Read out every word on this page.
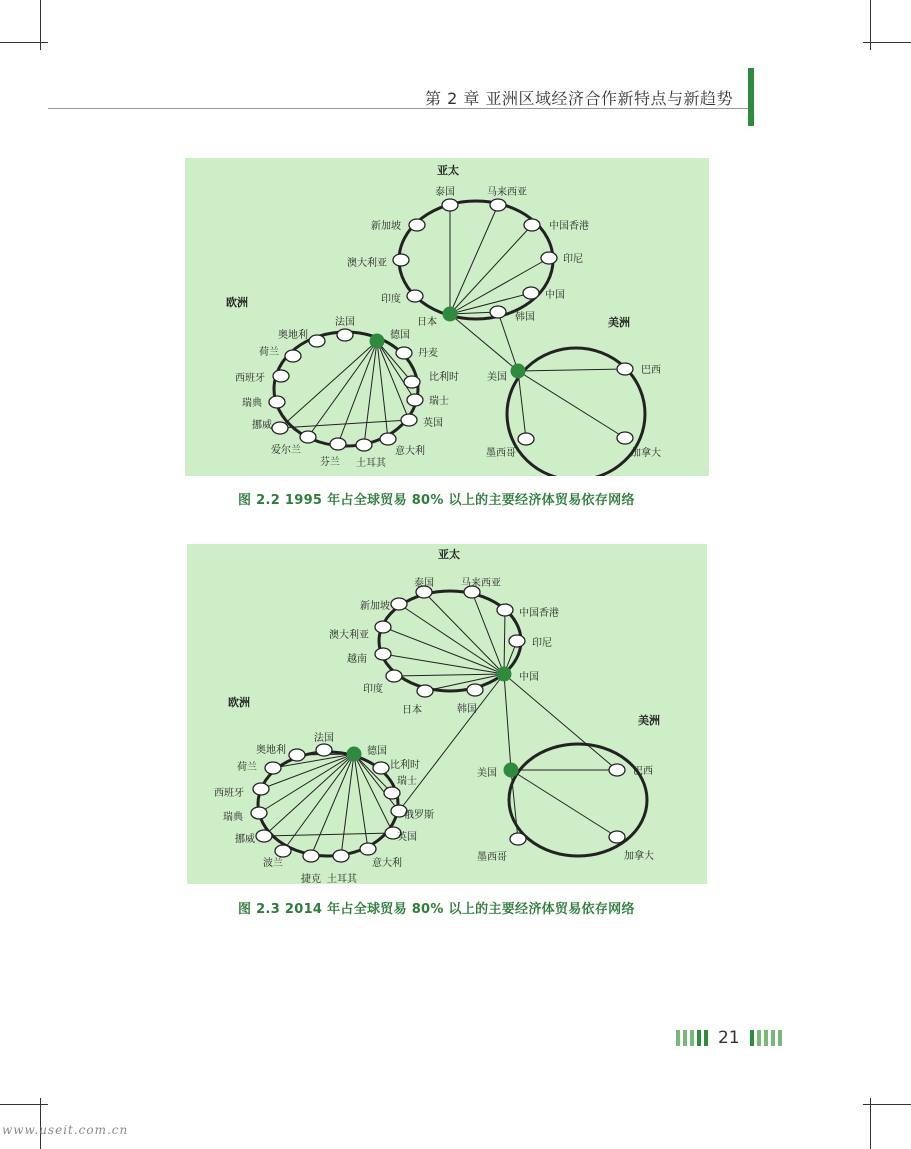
第 2 章 亚洲区域经济合作新特点与新趋势
亚太
欧洲
美洲
泰国	马来西亚
中国香港
印尼
中国
韩国
日本
印度
澳大利亚
新加坡
德国
丹麦
比利时
瑞士
英国
意大利
土耳其
芬兰
爱尔兰
挪威
瑞典
西班牙
荷兰
奥地利
法国
美国
巴西
加拿大
墨西哥
图 2.2 1995 年占全球贸易 80% 以上的主要经济体贸易依存网络
亚太
欧洲
美洲
泰国	马来西亚
中国香港
印尼
中国
韩国
日本
印度
越南
澳大利亚
新加坡
德国
比利时
瑞士
俄罗斯
英国
意大利
土耳其
捷克
波兰
挪威
瑞典
西班牙
荷兰
奥地利
法国
美国	巴西
加拿大
墨西哥
图 2.3 2014 年占全球贸易 80% 以上的主要经济体贸易依存网络
21
www.useit.com.cn
